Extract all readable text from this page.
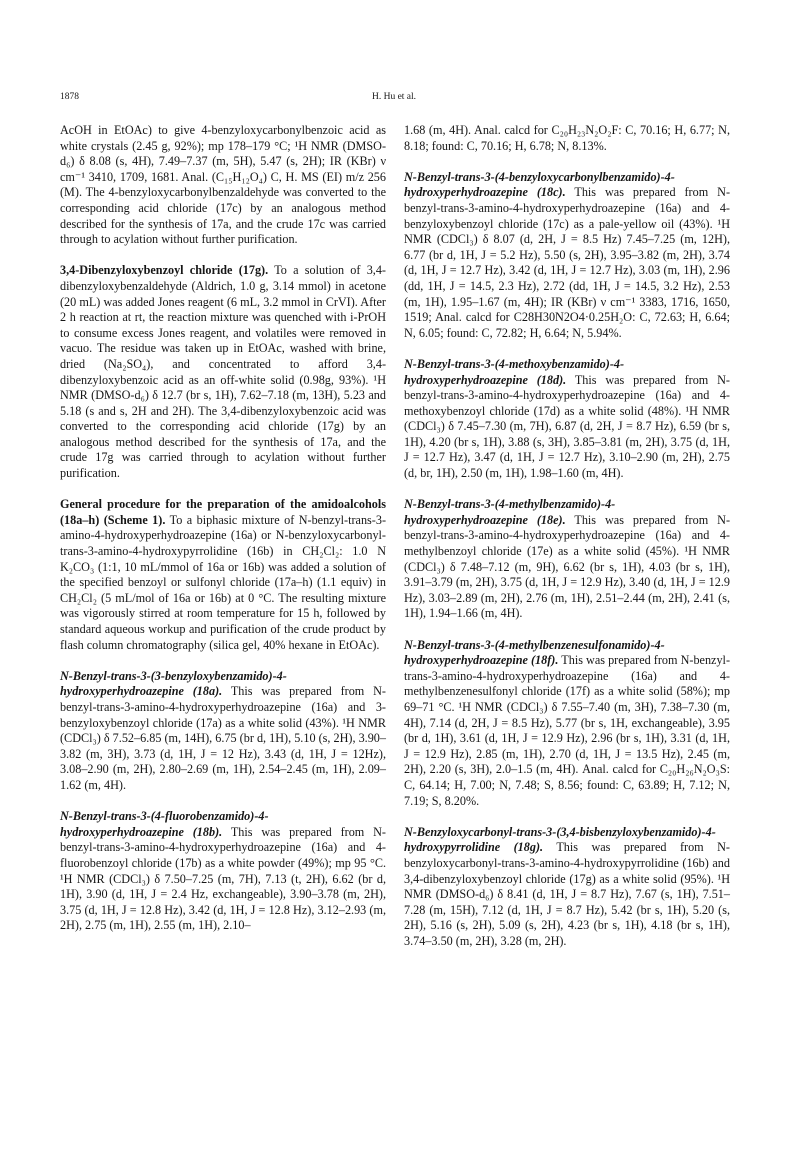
1878	H. Hu et al.

AcOH in EtOAc) to give 4-benzyloxycarbonylbenzoic acid as white crystals (2.45 g, 92%); mp 178–179 °C; ¹H NMR (DMSO-d₆) δ 8.08 (s, 4H), 7.49–7.37 (m, 5H), 5.47 (s, 2H); IR (KBr) ν cm⁻¹ 3410, 1709, 1681. Anal. (C₁₅H₁₂O₄) C, H. MS (EI) m/z 256 (M). The 4-benzyloxycarbonylbenzaldehyde was converted to the corresponding acid chloride (17c) by an analogous method described for the synthesis of 17a, and the crude 17c was carried through to acylation without further purification.

3,4-Dibenzyloxybenzoyl chloride (17g). To a solution of 3,4-dibenzyloxybenzaldehyde (Aldrich, 1.0 g, 3.14 mmol) in acetone (20 mL) was added Jones reagent (6 mL, 3.2 mmol in CrVI). After 2 h reaction at rt, the reaction mixture was quenched with i-PrOH to consume excess Jones reagent, and volatiles were removed in vacuo. The residue was taken up in EtOAc, washed with brine, dried (Na₂SO₄), and concentrated to afford 3,4-dibenzyloxybenzoic acid as an off-white solid (0.98g, 93%). ¹H NMR (DMSO-d₆) δ 12.7 (br s, 1H), 7.62–7.18 (m, 13H), 5.23 and 5.18 (s and s, 2H and 2H). The 3,4-dibenzyloxybenzoic acid was converted to the corresponding acid chloride (17g) by an analogous method described for the synthesis of 17a, and the crude 17g was carried through to acylation without further purification.

General procedure for the preparation of the amidoalcohols (18a–h) (Scheme 1). To a biphasic mixture of N-benzyl-trans-3-amino-4-hydroxyperhydroazepine (16a) or N-benzyloxycarbonyl-trans-3-amino-4-hydroxypyrrolidine (16b) in CH₂Cl₂: 1.0 N K₂CO₃ (1:1, 10 mL/mmol of 16a or 16b) was added a solution of the specified benzoyl or sulfonyl chloride (17a–h) (1.1 equiv) in CH₂Cl₂ (5 mL/mol of 16a or 16b) at 0 °C. The resulting mixture was vigorously stirred at room temperature for 15 h, followed by standard aqueous workup and purification of the crude product by flash column chromatography (silica gel, 40% hexane in EtOAc).

N-Benzyl-trans-3-(3-benzyloxybenzamido)-4-hydroxyperhydroazepine (18a). This was prepared from N-benzyl-trans-3-amino-4-hydroxyperhydroazepine (16a) and 3-benzyloxybenzoyl chloride (17a) as a white solid (43%). ¹H NMR (CDCl₃) δ 7.52–6.85 (m, 14H), 6.75 (br d, 1H), 5.10 (s, 2H), 3.90–3.82 (m, 3H), 3.73 (d, 1H, J = 12 Hz), 3.43 (d, 1H, J = 12Hz), 3.08–2.90 (m, 2H), 2.80–2.69 (m, 1H), 2.54–2.45 (m, 1H), 2.09–1.62 (m, 4H).

N-Benzyl-trans-3-(4-fluorobenzamido)-4-hydroxyperhydroazepine (18b). This was prepared from N-benzyl-trans-3-amino-4-hydroxyperhydroazepine (16a) and 4-fluorobenzoyl chloride (17b) as a white powder (49%); mp 95 °C. ¹H NMR (CDCl₃) δ 7.50–7.25 (m, 7H), 7.13 (t, 2H), 6.62 (br d, 1H), 3.90 (d, 1H, J = 2.4 Hz, exchangeable), 3.90–3.78 (m, 2H), 3.75 (d, 1H, J = 12.8 Hz), 3.42 (d, 1H, J = 12.8 Hz), 3.12–2.93 (m, 2H), 2.75 (m, 1H), 2.55 (m, 1H), 2.10–

1.68 (m, 4H). Anal. calcd for C₂₀H₂₃N₂O₂F: C, 70.16; H, 6.77; N, 8.18; found: C, 70.16; H, 6.78; N, 8.13%.

N-Benzyl-trans-3-(4-benzyloxycarbonylbenzamido)-4-hydroxyperhydroazepine (18c). This was prepared from N-benzyl-trans-3-amino-4-hydroxyperhydroazepine (16a) and 4-benzyloxybenzoyl chloride (17c) as a pale-yellow oil (43%). ¹H NMR (CDCl₃) δ 8.07 (d, 2H, J = 8.5 Hz) 7.45–7.25 (m, 12H), 6.77 (br d, 1H, J = 5.2 Hz), 5.50 (s, 2H), 3.95–3.82 (m, 2H), 3.74 (d, 1H, J = 12.7 Hz), 3.42 (d, 1H, J = 12.7 Hz), 3.03 (m, 1H), 2.96 (dd, 1H, J = 14.5, 2.3 Hz), 2.72 (dd, 1H, J = 14.5, 3.2 Hz), 2.53 (m, 1H), 1.95–1.67 (m, 4H); IR (KBr) ν cm⁻¹ 3383, 1716, 1650, 1519; Anal. calcd for C28H30N2O4·0.25H₂O: C, 72.63; H, 6.64; N, 6.05; found: C, 72.82; H, 6.64; N, 5.94%.

N-Benzyl-trans-3-(4-methoxybenzamido)-4-hydroxyperhydroazepine (18d). This was prepared from N-benzyl-trans-3-amino-4-hydroxyperhydroazepine (16a) and 4-methoxybenzoyl chloride (17d) as a white solid (48%). ¹H NMR (CDCl₃) δ 7.45–7.30 (m, 7H), 6.87 (d, 2H, J = 8.7 Hz), 6.59 (br s, 1H), 4.20 (br s, 1H), 3.88 (s, 3H), 3.85–3.81 (m, 2H), 3.75 (d, 1H, J = 12.7 Hz), 3.47 (d, 1H, J = 12.7 Hz), 3.10–2.90 (m, 2H), 2.75 (d, br, 1H), 2.50 (m, 1H), 1.98–1.60 (m, 4H).

N-Benzyl-trans-3-(4-methylbenzamido)-4-hydroxyperhydroazepine (18e). This was prepared from N-benzyl-trans-3-amino-4-hydroxyperhydroazepine (16a) and 4-methylbenzoyl chloride (17e) as a white solid (45%). ¹H NMR (CDCl₃) δ 7.48–7.12 (m, 9H), 6.62 (br s, 1H), 4.03 (br s, 1H), 3.91–3.79 (m, 2H), 3.75 (d, 1H, J = 12.9 Hz), 3.40 (d, 1H, J = 12.9 Hz), 3.03–2.89 (m, 2H), 2.76 (m, 1H), 2.51–2.44 (m, 2H), 2.41 (s, 1H), 1.94–1.66 (m, 4H).

N-Benzyl-trans-3-(4-methylbenzenesulfonamido)-4-hydroxyperhydroazepine (18f). This was prepared from N-benzyl-trans-3-amino-4-hydroxyperhydroazepine (16a) and 4-methylbenzenesulfonyl chloride (17f) as a white solid (58%); mp 69–71 °C. ¹H NMR (CDCl₃) δ 7.55–7.40 (m, 3H), 7.38–7.30 (m, 4H), 7.14 (d, 2H, J = 8.5 Hz), 5.77 (br s, 1H, exchangeable), 3.95 (br d, 1H), 3.61 (d, 1H, J = 12.9 Hz), 2.96 (br s, 1H), 3.31 (d, 1H, J = 12.9 Hz), 2.85 (m, 1H), 2.70 (d, 1H, J = 13.5 Hz), 2.45 (m, 2H), 2.20 (s, 3H), 2.0–1.5 (m, 4H). Anal. calcd for C₂₀H₂₆N₂O₃S: C, 64.14; H, 7.00; N, 7.48; S, 8.56; found: C, 63.89; H, 7.12; N, 7.19; S, 8.20%.

N-Benzyloxycarbonyl-trans-3-(3,4-bisbenzyloxybenzamido)-4-hydroxypyrrolidine (18g). This was prepared from N-benzyloxycarbonyl-trans-3-amino-4-hydroxypyrrolidine (16b) and 3,4-dibenzyloxybenzoyl chloride (17g) as a white solid (95%). ¹H NMR (DMSO-d₆) δ 8.41 (d, 1H, J = 8.7 Hz), 7.67 (s, 1H), 7.51–7.28 (m, 15H), 7.12 (d, 1H, J = 8.7 Hz), 5.42 (br s, 1H), 5.20 (s, 2H), 5.16 (s, 2H), 5.09 (s, 2H), 4.23 (br s, 1H), 4.18 (br s, 1H), 3.74–3.50 (m, 2H), 3.28 (m, 2H).
